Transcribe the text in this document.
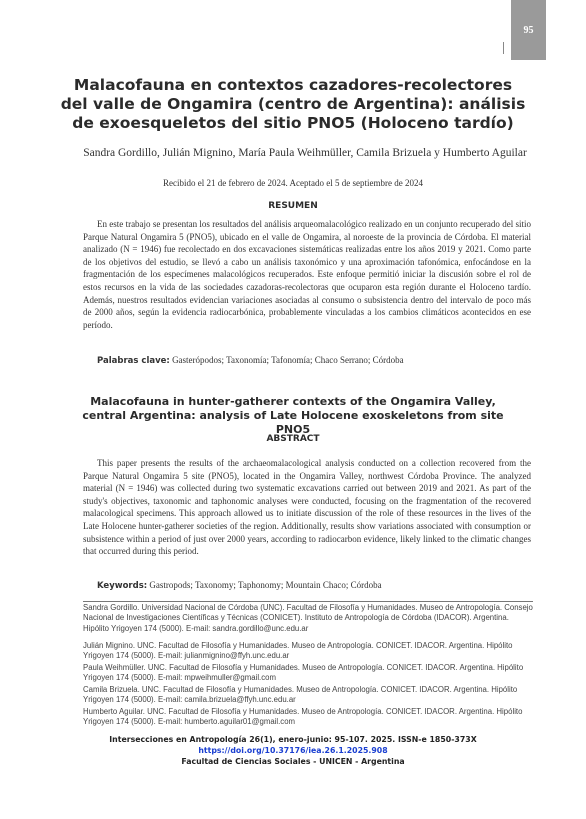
95
Malacofauna en contextos cazadores-recolectores del valle de Ongamira (centro de Argentina): análisis de exoesqueletos del sitio PNO5 (Holoceno tardío)
Sandra Gordillo, Julián Mignino, María Paula Weihmüller, Camila Brizuela y Humberto Aguilar
Recibido el 21 de febrero de 2024. Aceptado el 5 de septiembre de 2024
RESUMEN

En este trabajo se presentan los resultados del análisis arqueomalacológico realizado en un conjunto recuperado del sitio Parque Natural Ongamira 5 (PNO5), ubicado en el valle de Ongamira, al noroeste de la provincia de Córdoba. El material analizado (N = 1946) fue recolectado en dos excavaciones sistemáticas realizadas entre los años 2019 y 2021. Como parte de los objetivos del estudio, se llevó a cabo un análisis taxonómico y una aproximación tafonómica, enfocándose en la fragmentación de los especímenes malacológicos recuperados. Este enfoque permitió iniciar la discusión sobre el rol de estos recursos en la vida de las sociedades cazadoras-recolectoras que ocuparon esta región durante el Holoceno tardío. Además, nuestros resultados evidencian variaciones asociadas al consumo o subsistencia dentro del intervalo de poco más de 2000 años, según la evidencia radiocarbónica, probablemente vinculadas a los cambios climáticos acontecidos en ese período.

Palabras clave: Gasterópodos; Taxonomía; Tafonomía; Chaco Serrano; Córdoba
Malacofauna in hunter-gatherer contexts of the Ongamira Valley, central Argentina: analysis of Late Holocene exoskeletons from site PNO5
ABSTRACT

This paper presents the results of the archaeomalacological analysis conducted on a collection recovered from the Parque Natural Ongamira 5 site (PNO5), located in the Ongamira Valley, northwest Córdoba Province. The analyzed material (N = 1946) was collected during two systematic excavations carried out between 2019 and 2021. As part of the study's objectives, taxonomic and taphonomic analyses were conducted, focusing on the fragmentation of the recovered malacological specimens. This approach allowed us to initiate discussion of the role of these resources in the lives of the Late Holocene hunter-gatherer societies of the region. Additionally, results show variations associated with consumption or subsistence within a period of just over 2000 years, according to radiocarbon evidence, likely linked to the climatic changes that occurred during this period.

Keywords: Gastropods; Taxonomy; Taphonomy; Mountain Chaco; Córdoba
Sandra Gordillo. Universidad Nacional de Córdoba (UNC). Facultad de Filosofía y Humanidades. Museo de Antropología. Consejo Nacional de Investigaciones Científicas y Técnicas (CONICET). Instituto de Antropología de Córdoba (IDACOR). Argentina. Hipólito Yrigoyen 174 (5000). E-mail: sandra.gordillo@unc.edu.ar
Julián Mignino. UNC. Facultad de Filosofía y Humanidades. Museo de Antropología. CONICET. IDACOR. Argentina. Hipólito Yrigoyen 174 (5000). E-mail: julianmignino@ffyh.unc.edu.ar
Paula Weihmüller. UNC. Facultad de Filosofía y Humanidades. Museo de Antropología. CONICET. IDACOR. Argentina. Hipólito Yrigoyen 174 (5000). E-mail: mpweihmuller@gmail.com
Camila Brizuela. UNC. Facultad de Filosofía y Humanidades. Museo de Antropología. CONICET. IDACOR. Argentina. Hipólito Yrigoyen 174 (5000). E-mail: camila.brizuela@ffyh.unc.edu.ar
Humberto Aguilar. UNC. Facultad de Filosofía y Humanidades. Museo de Antropología. CONICET. IDACOR. Argentina. Hipólito Yrigoyen 174 (5000). E-mail: humberto.aguilar01@gmail.com
Intersecciones en Antropología 26(1), enero-junio: 95-107. 2025. ISSN-e 1850-373X
https://doi.org/10.37176/iea.26.1.2025.908
Facultad de Ciencias Sociales - UNICEN - Argentina
